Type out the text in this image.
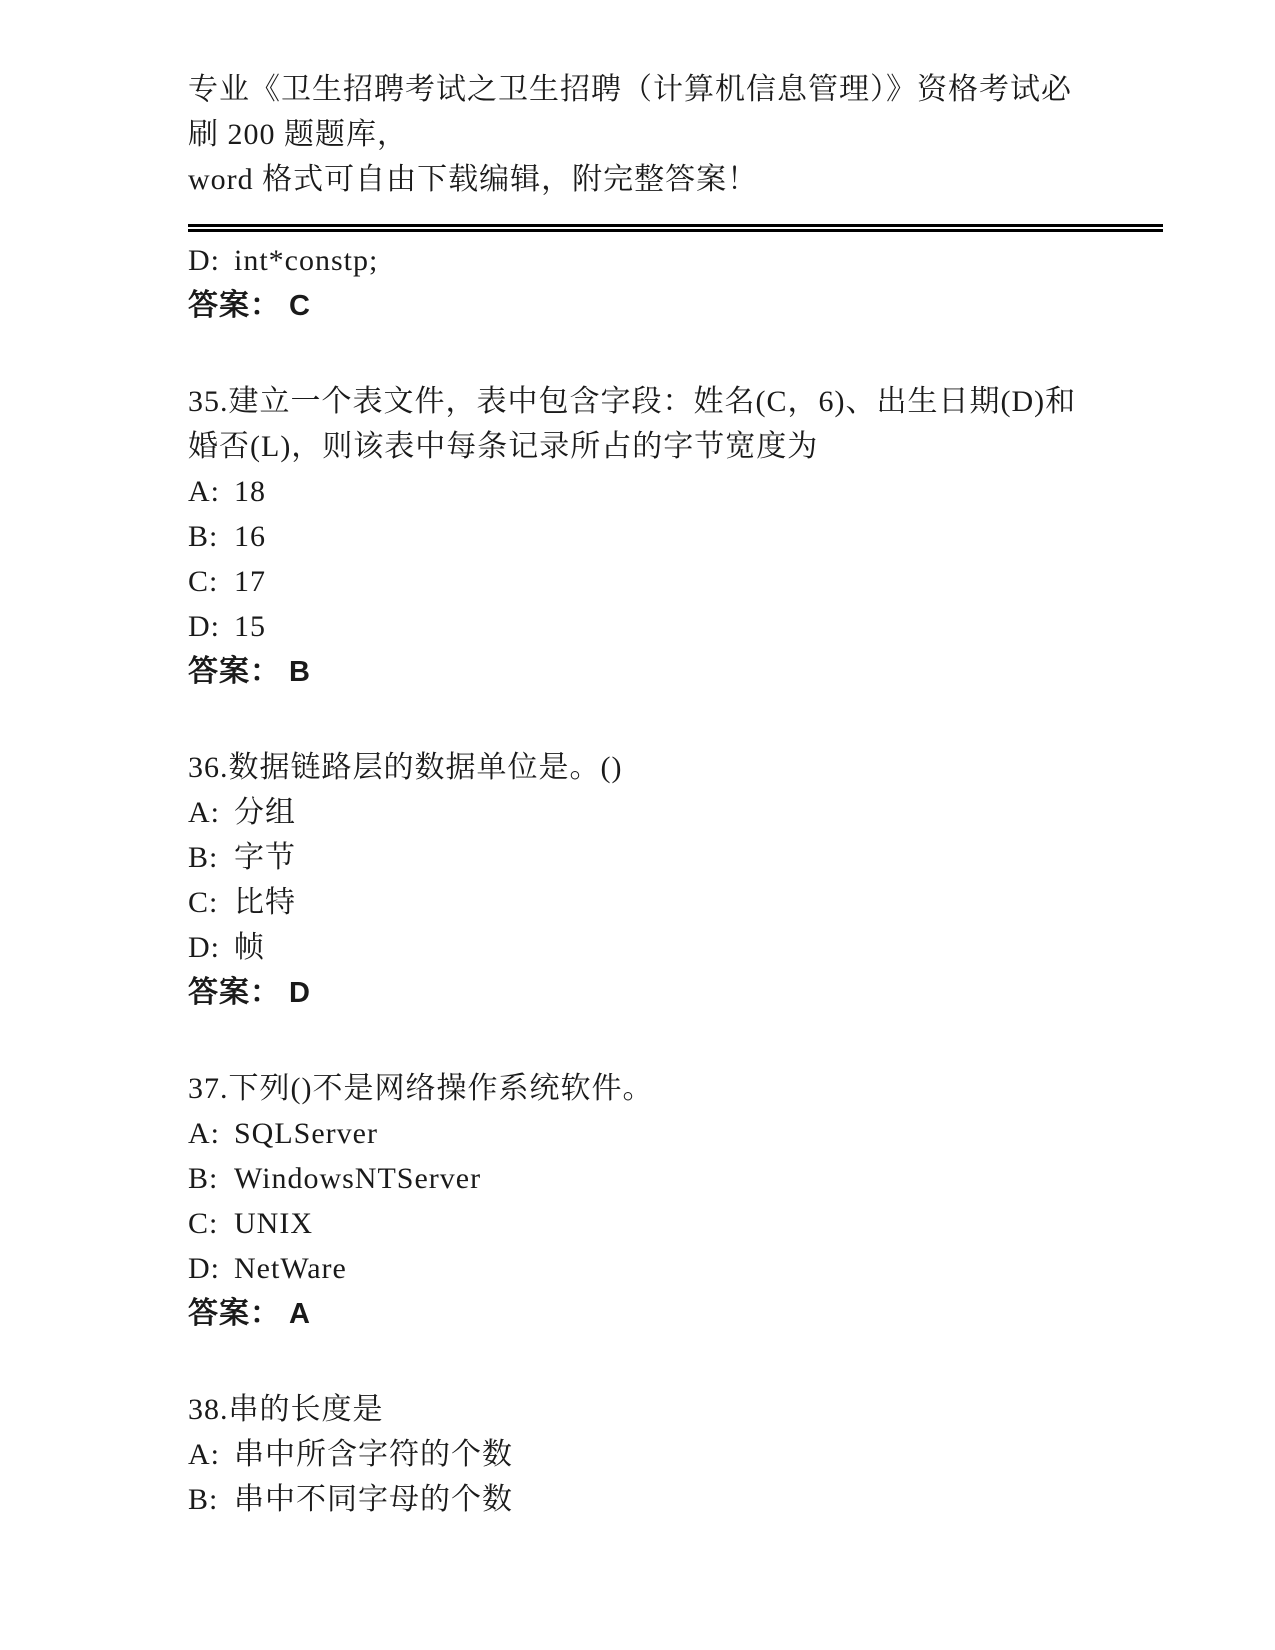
专业《卫生招聘考试之卫生招聘（计算机信息管理）》资格考试必刷 200 题题库，
word 格式可自由下载编辑，附完整答案！
D: int*constp;
答案： C
35.建立一个表文件，表中包含字段：姓名(C，6)、出生日期(D)和婚否(L)，则该表中每条记录所占的字节宽度为
A: 18
B: 16
C: 17
D: 15
答案： B
36.数据链路层的数据单位是。()
A: 分组
B: 字节
C: 比特
D: 帧
答案： D
37.下列()不是网络操作系统软件。
A: SQLServer
B: WindowsNTServer
C: UNIX
D: NetWare
答案： A
38.串的长度是
A: 串中所含字符的个数
B: 串中不同字母的个数
